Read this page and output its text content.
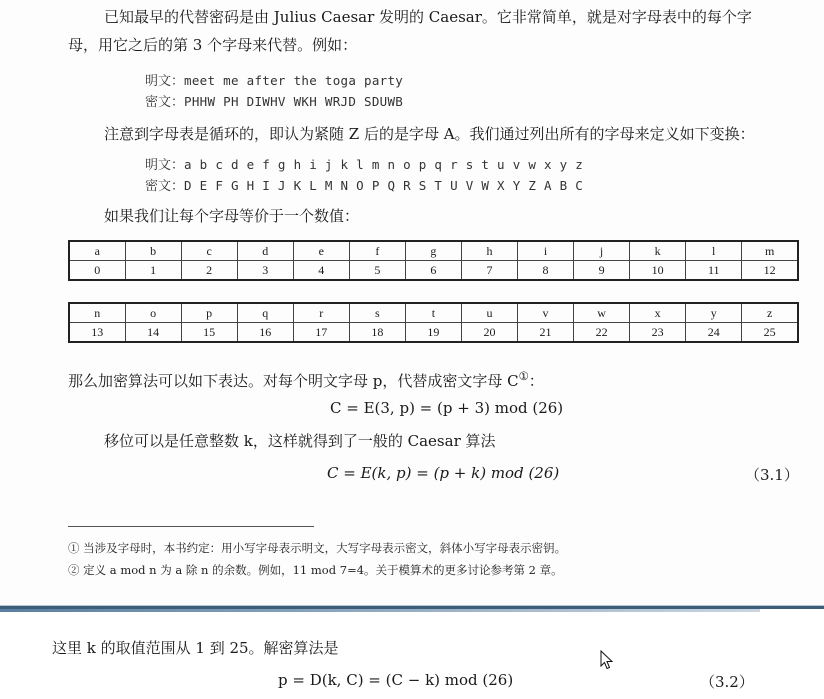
已知最早的代替密码是由 Julius Caesar 发明的 Caesar。它非常简单，就是对字母表中的每个字
母，用它之后的第 3 个字母来代替。例如：
明文：meet me after the toga party
密文：PHHW PH DIWHV WKH WRJD SDUWB
注意到字母表是循环的，即认为紧随 Z 后的是字母 A。我们通过列出所有的字母来定义如下变换：
明文：a b c d e f g h i j k l m n o p q r s t u v w x y z
密文：D E F G H I J K L M N O P Q R S T U V W X Y Z A B C
如果我们让每个字母等价于一个数值：
a	b	c	d	e	f	g	h	i	j	k	l	m
0	1	2	3	4	5	6	7	8	9	10	11	12
n	o	p	q	r	s	t	u	v	w	x	y	z
13	14	15	16	17	18	19	20	21	22	23	24	25
那么加密算法可以如下表达。对每个明文字母 p，代替成密文字母 C①：
C = E(3, p) = (p + 3) mod (26)
移位可以是任意整数 k，这样就得到了一般的 Caesar 算法
C = E(k, p) = (p + k) mod (26)	（3.1）
① 当涉及字母时，本书约定：用小写字母表示明文，大写字母表示密文，斜体小写字母表示密钥。
② 定义 a mod n 为 a 除 n 的余数。例如，11 mod 7=4。关于模算术的更多讨论参考第 2 章。
这里 k 的取值范围从 1 到 25。解密算法是
p = D(k, C) = (C − k) mod (26)	（3.2）
